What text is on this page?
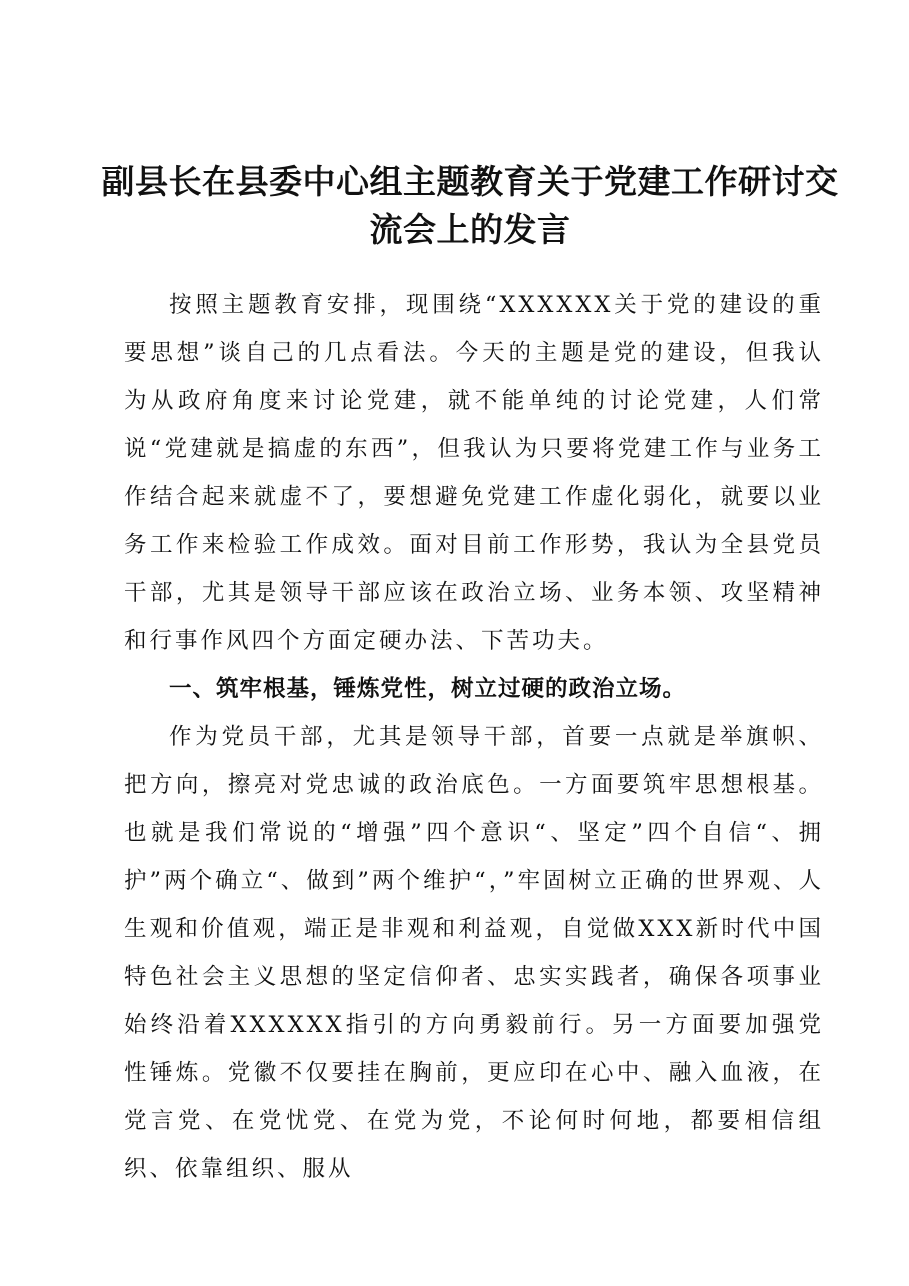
副县长在县委中心组主题教育关于党建工作研讨交流会上的发言

按照主题教育安排，现围绕“XXXXXX关于党的建设的重要思想”谈自己的几点看法。今天的主题是党的建设，但我认为从政府角度来讨论党建，就不能单纯的讨论党建，人们常说“党建就是搞虚的东西”，但我认为只要将党建工作与业务工作结合起来就虚不了，要想避免党建工作虚化弱化，就要以业务工作来检验工作成效。面对目前工作形势，我认为全县党员干部，尤其是领导干部应该在政治立场、业务本领、攻坚精神和行事作风四个方面定硬办法、下苦功夫。

一、筑牢根基，锤炼党性，树立过硬的政治立场。

作为党员干部，尤其是领导干部，首要一点就是举旗帜、把方向，擦亮对党忠诚的政治底色。一方面要筑牢思想根基。也就是我们常说的“增强”四个意识“、坚定”四个自信“、拥护”两个确立“、做到”两个维护“，”牢固树立正确的世界观、人生观和价值观，端正是非观和利益观，自觉做XXX新时代中国特色社会主义思想的坚定信仰者、忠实实践者，确保各项事业始终沿着XXXXXX指引的方向勇毅前行。另一方面要加强党性锤炼。党徽不仅要挂在胸前，更应印在心中、融入血液，在党言党、在党忧党、在党为党，不论何时何地，都要相信组织、依靠组织、服从
